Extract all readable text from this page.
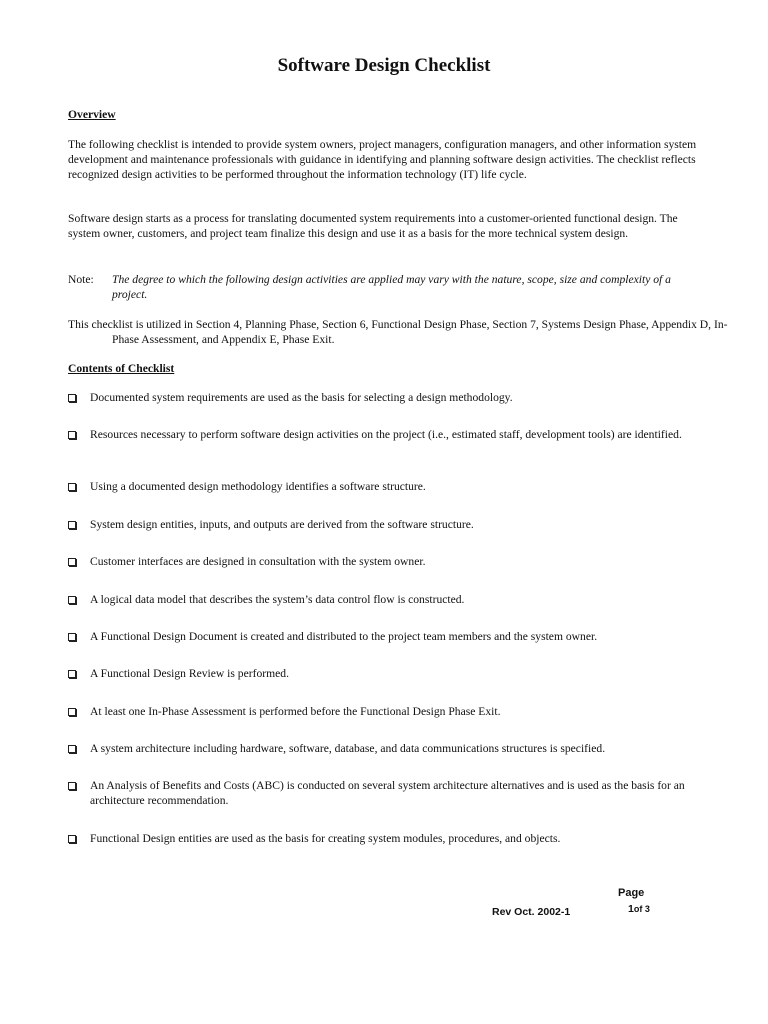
Software Design Checklist
Overview

The following checklist is intended to provide system owners, project managers, configuration managers, and other information system development and maintenance professionals with guidance in identifying and planning software design activities. The checklist reflects recognized design activities to be performed throughout the information technology (IT) life cycle.

Software design starts as a process for translating documented system requirements into a customer-oriented functional design. The system owner, customers, and project team finalize this design and use it as a basis for the more technical system design.

Note: The degree to which the following design activities are applied may vary with the nature, scope, size and complexity of a project.

This checklist is utilized in Section 4, Planning Phase, Section 6, Functional Design Phase, Section 7, Systems Design Phase, Appendix D, In-Phase Assessment, and Appendix E, Phase Exit.

Contents of Checklist
Documented system requirements are used as the basis for selecting a design methodology.
Resources necessary to perform software design activities on the project (i.e., estimated staff, development tools) are identified.
Using a documented design methodology identifies a software structure.
System design entities, inputs, and outputs are derived from the software structure.
Customer interfaces are designed in consultation with the system owner.
A logical data model that describes the system’s data control flow is constructed.
A Functional Design Document is created and distributed to the project team members and the system owner.
A Functional Design Review is performed.
At least one In-Phase Assessment is performed before the Functional Design Phase Exit.
A system architecture including hardware, software, database, and data communications structures is specified.
An Analysis of Benefits and Costs (ABC) is conducted on several system architecture alternatives and is used as the basis for an architecture recommendation.
Functional Design entities are used as the basis for creating system modules, procedures, and objects.
Page
1of 3
Rev Oct. 2002-1
